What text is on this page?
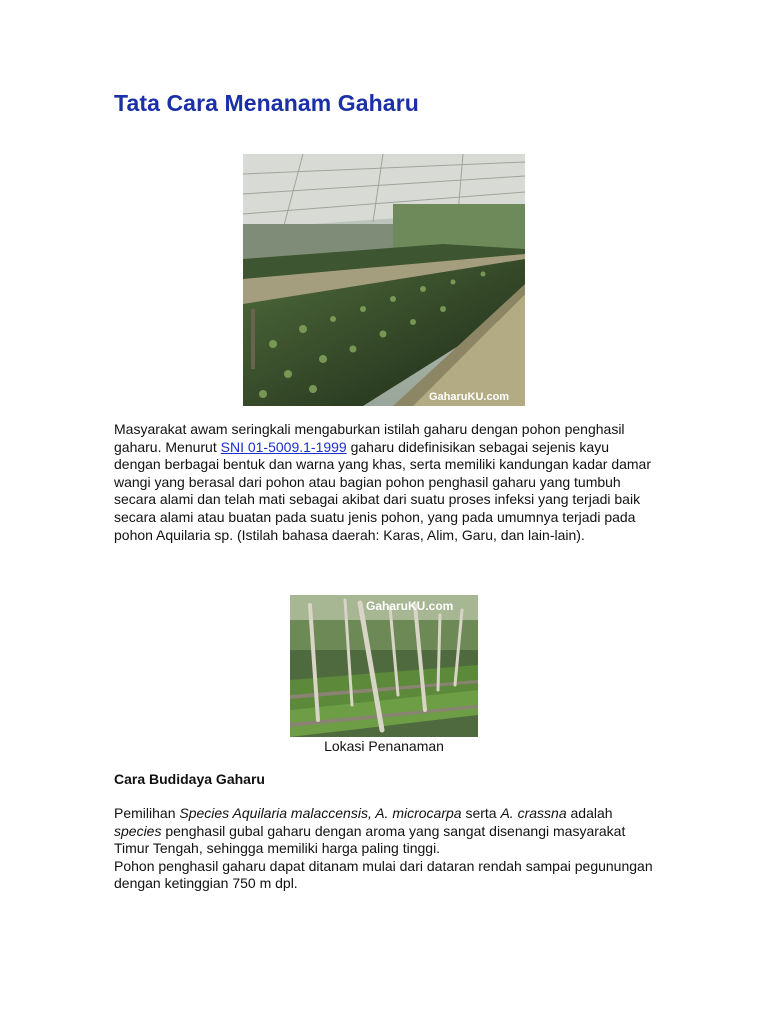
Tata Cara Menanam Gaharu
GaharuKU.com

Masyarakat awam seringkali mengaburkan istilah gaharu dengan pohon penghasil gaharu. Menurut SNI 01-5009.1-1999 gaharu didefinisikan sebagai sejenis kayu dengan berbagai bentuk dan warna yang khas, serta memiliki kandungan kadar damar wangi yang berasal dari pohon atau bagian pohon penghasil gaharu yang tumbuh secara alami dan telah mati sebagai akibat dari suatu proses infeksi yang terjadi baik secara alami atau buatan pada suatu jenis pohon, yang pada umumnya terjadi pada pohon Aquilaria sp. (Istilah bahasa daerah: Karas, Alim, Garu, dan lain-lain).

GaharuKU.com
Lokasi Penanaman
Cara Budidaya Gaharu

Pemilihan Species Aquilaria malaccensis, A. microcarpa serta A. crassna adalah species penghasil gubal gaharu dengan aroma yang sangat disenangi masyarakat Timur Tengah, sehingga memiliki harga paling tinggi.
Pohon penghasil gaharu dapat ditanam mulai dari dataran rendah sampai pegunungan dengan ketinggian 750 m dpl.
